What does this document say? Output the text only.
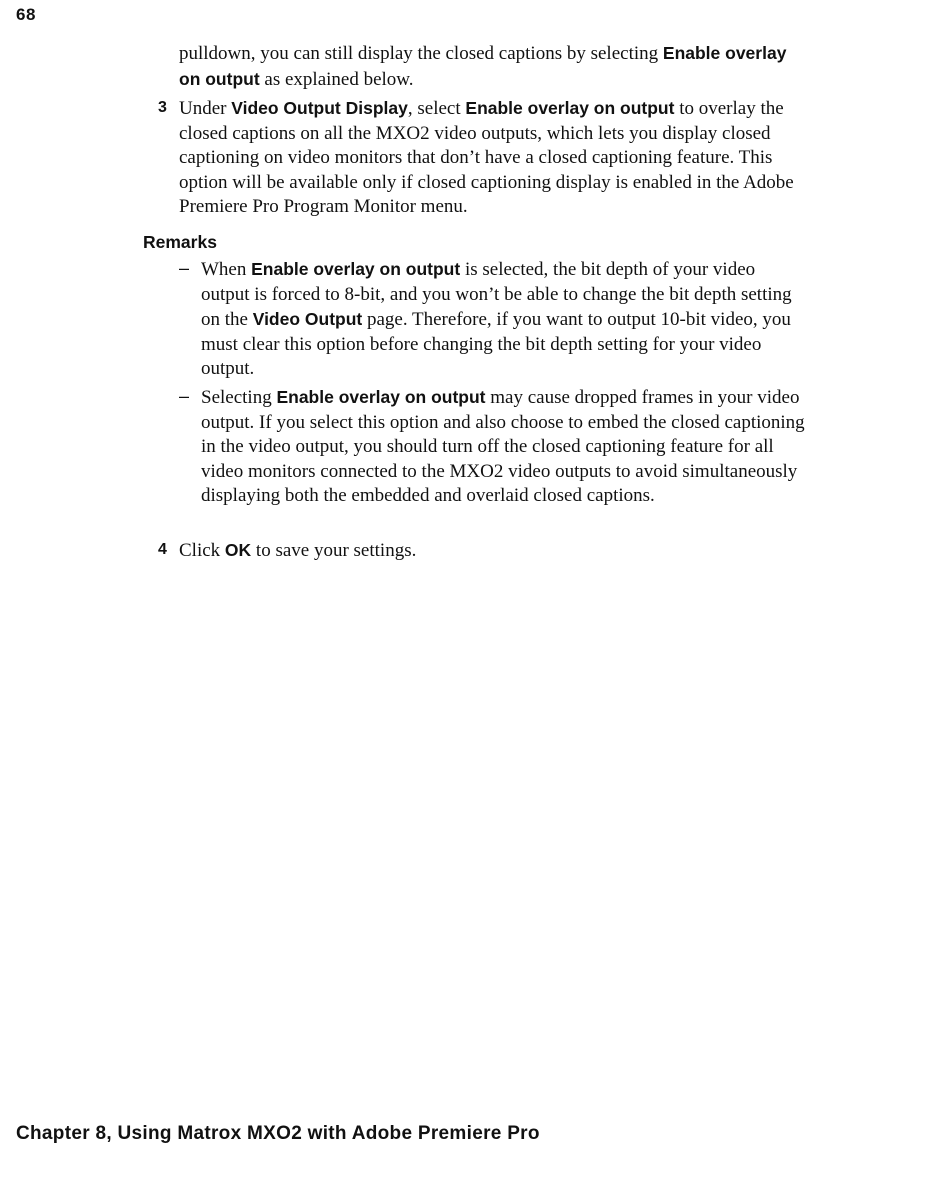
68

pulldown, you can still display the closed captions by selecting Enable overlay on output as explained below.

3 Under Video Output Display, select Enable overlay on output to overlay the closed captions on all the MXO2 video outputs, which lets you display closed captioning on video monitors that don’t have a closed captioning feature. This option will be available only if closed captioning display is enabled in the Adobe Premiere Pro Program Monitor menu.

Remarks
– When Enable overlay on output is selected, the bit depth of your video output is forced to 8-bit, and you won’t be able to change the bit depth setting on the Video Output page. Therefore, if you want to output 10-bit video, you must clear this option before changing the bit depth setting for your video output.

– Selecting Enable overlay on output may cause dropped frames in your video output. If you select this option and also choose to embed the closed captioning in the video output, you should turn off the closed captioning feature for all video monitors connected to the MXO2 video outputs to avoid simultaneously displaying both the embedded and overlaid closed captions.

4 Click OK to save your settings.

Chapter 8, Using Matrox MXO2 with Adobe Premiere Pro
